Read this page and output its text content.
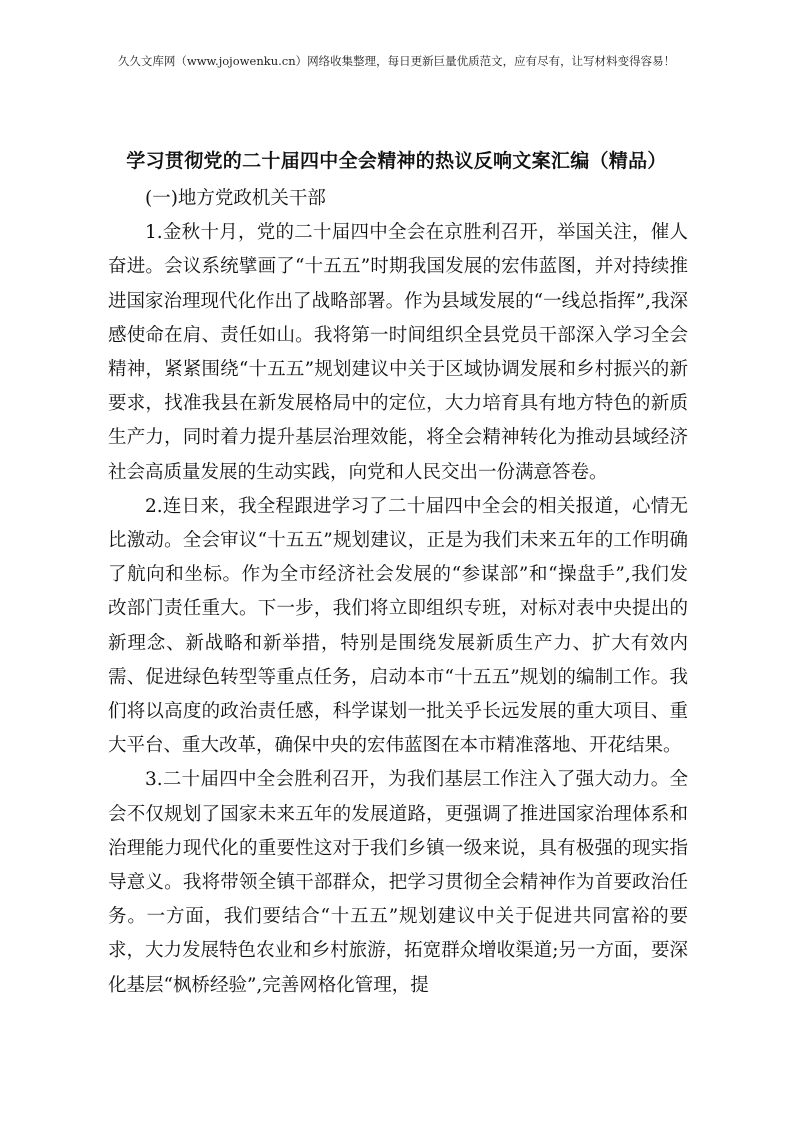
久久文库网（www.jojowenku.cn）网络收集整理，每日更新巨量优质范文，应有尽有，让写材料变得容易！
学习贯彻党的二十届四中全会精神的热议反响文案汇编（精品）

(一)地方党政机关干部

1.金秋十月，党的二十届四中全会在京胜利召开，举国关注，催人奋进。会议系统擘画了“十五五”时期我国发展的宏伟蓝图，并对持续推进国家治理现代化作出了战略部署。作为县域发展的“一线总指挥”,我深感使命在肩、责任如山。我将第一时间组织全县党员干部深入学习全会精神，紧紧围绕“十五五”规划建议中关于区域协调发展和乡村振兴的新要求，找准我县在新发展格局中的定位，大力培育具有地方特色的新质生产力，同时着力提升基层治理效能，将全会精神转化为推动县域经济社会高质量发展的生动实践，向党和人民交出一份满意答卷。

2.连日来，我全程跟进学习了二十届四中全会的相关报道，心情无比激动。全会审议“十五五”规划建议，正是为我们未来五年的工作明确了航向和坐标。作为全市经济社会发展的“参谋部”和“操盘手”,我们发改部门责任重大。下一步，我们将立即组织专班，对标对表中央提出的新理念、新战略和新举措，特别是围绕发展新质生产力、扩大有效内需、促进绿色转型等重点任务，启动本市“十五五”规划的编制工作。我们将以高度的政治责任感，科学谋划一批关乎长远发展的重大项目、重大平台、重大改革，确保中央的宏伟蓝图在本市精准落地、开花结果。

3.二十届四中全会胜利召开，为我们基层工作注入了强大动力。全会不仅规划了国家未来五年的发展道路，更强调了推进国家治理体系和治理能力现代化的重要性这对于我们乡镇一级来说，具有极强的现实指导意义。我将带领全镇干部群众，把学习贯彻全会精神作为首要政治任务。一方面，我们要结合“十五五”规划建议中关于促进共同富裕的要求，大力发展特色农业和乡村旅游，拓宽群众增收渠道;另一方面，要深化基层“枫桥经验”,完善网格化管理，提
